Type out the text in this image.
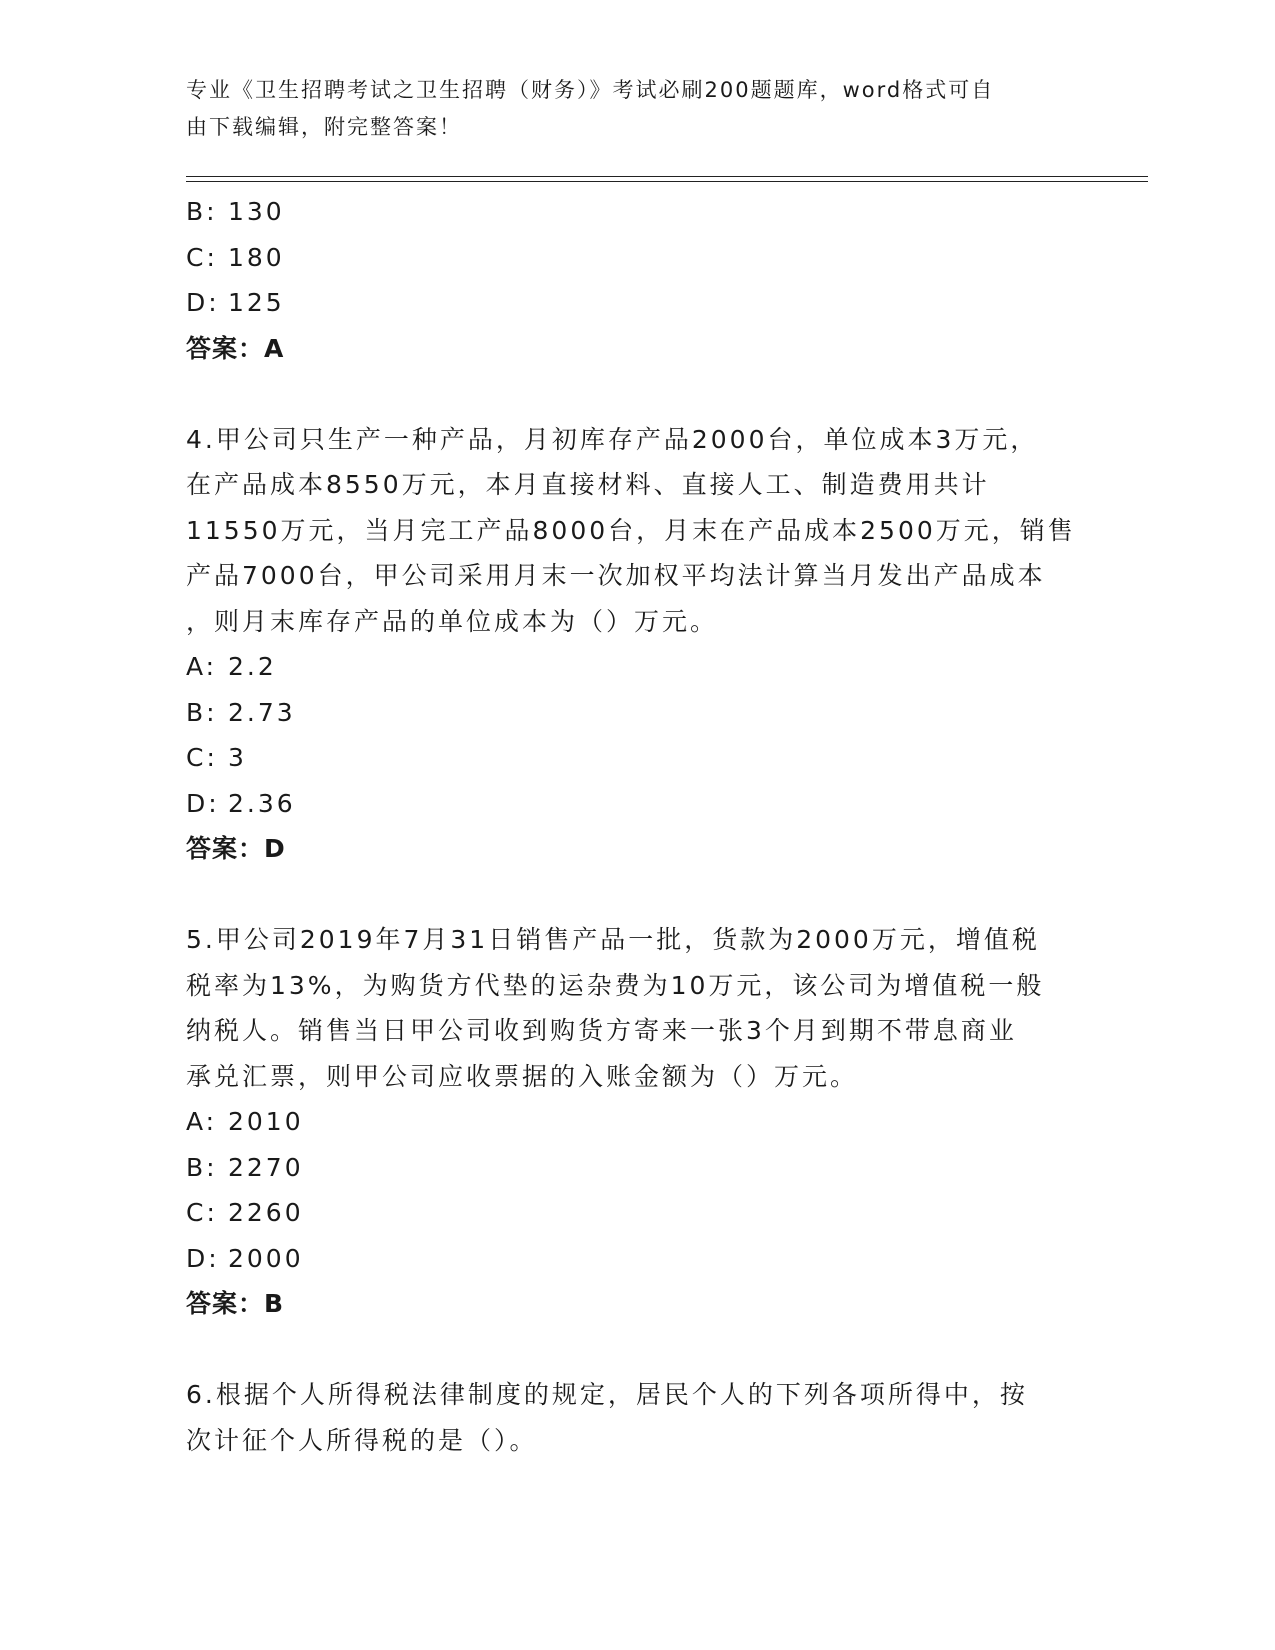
专业《卫生招聘考试之卫生招聘（财务）》考试必刷200题题库，word格式可自
由下载编辑，附完整答案！
B: 130
C: 180
D: 125
答案：A
4.甲公司只生产一种产品，月初库存产品2000台，单位成本3万元，
在产品成本8550万元，本月直接材料、直接人工、制造费用共计
11550万元，当月完工产品8000台，月末在产品成本2500万元，销售
产品7000台，甲公司采用月末一次加权平均法计算当月发出产品成本
，则月末库存产品的单位成本为（）万元。
A: 2.2
B: 2.73
C: 3
D: 2.36
答案：D
5.甲公司2019年7月31日销售产品一批，货款为2000万元，增值税
税率为13%，为购货方代垫的运杂费为10万元，该公司为增值税一般
纳税人。销售当日甲公司收到购货方寄来一张3个月到期不带息商业
承兑汇票，则甲公司应收票据的入账金额为（）万元。
A: 2010
B: 2270
C: 2260
D: 2000
答案：B
6.根据个人所得税法律制度的规定，居民个人的下列各项所得中，按
次计征个人所得税的是（）。
